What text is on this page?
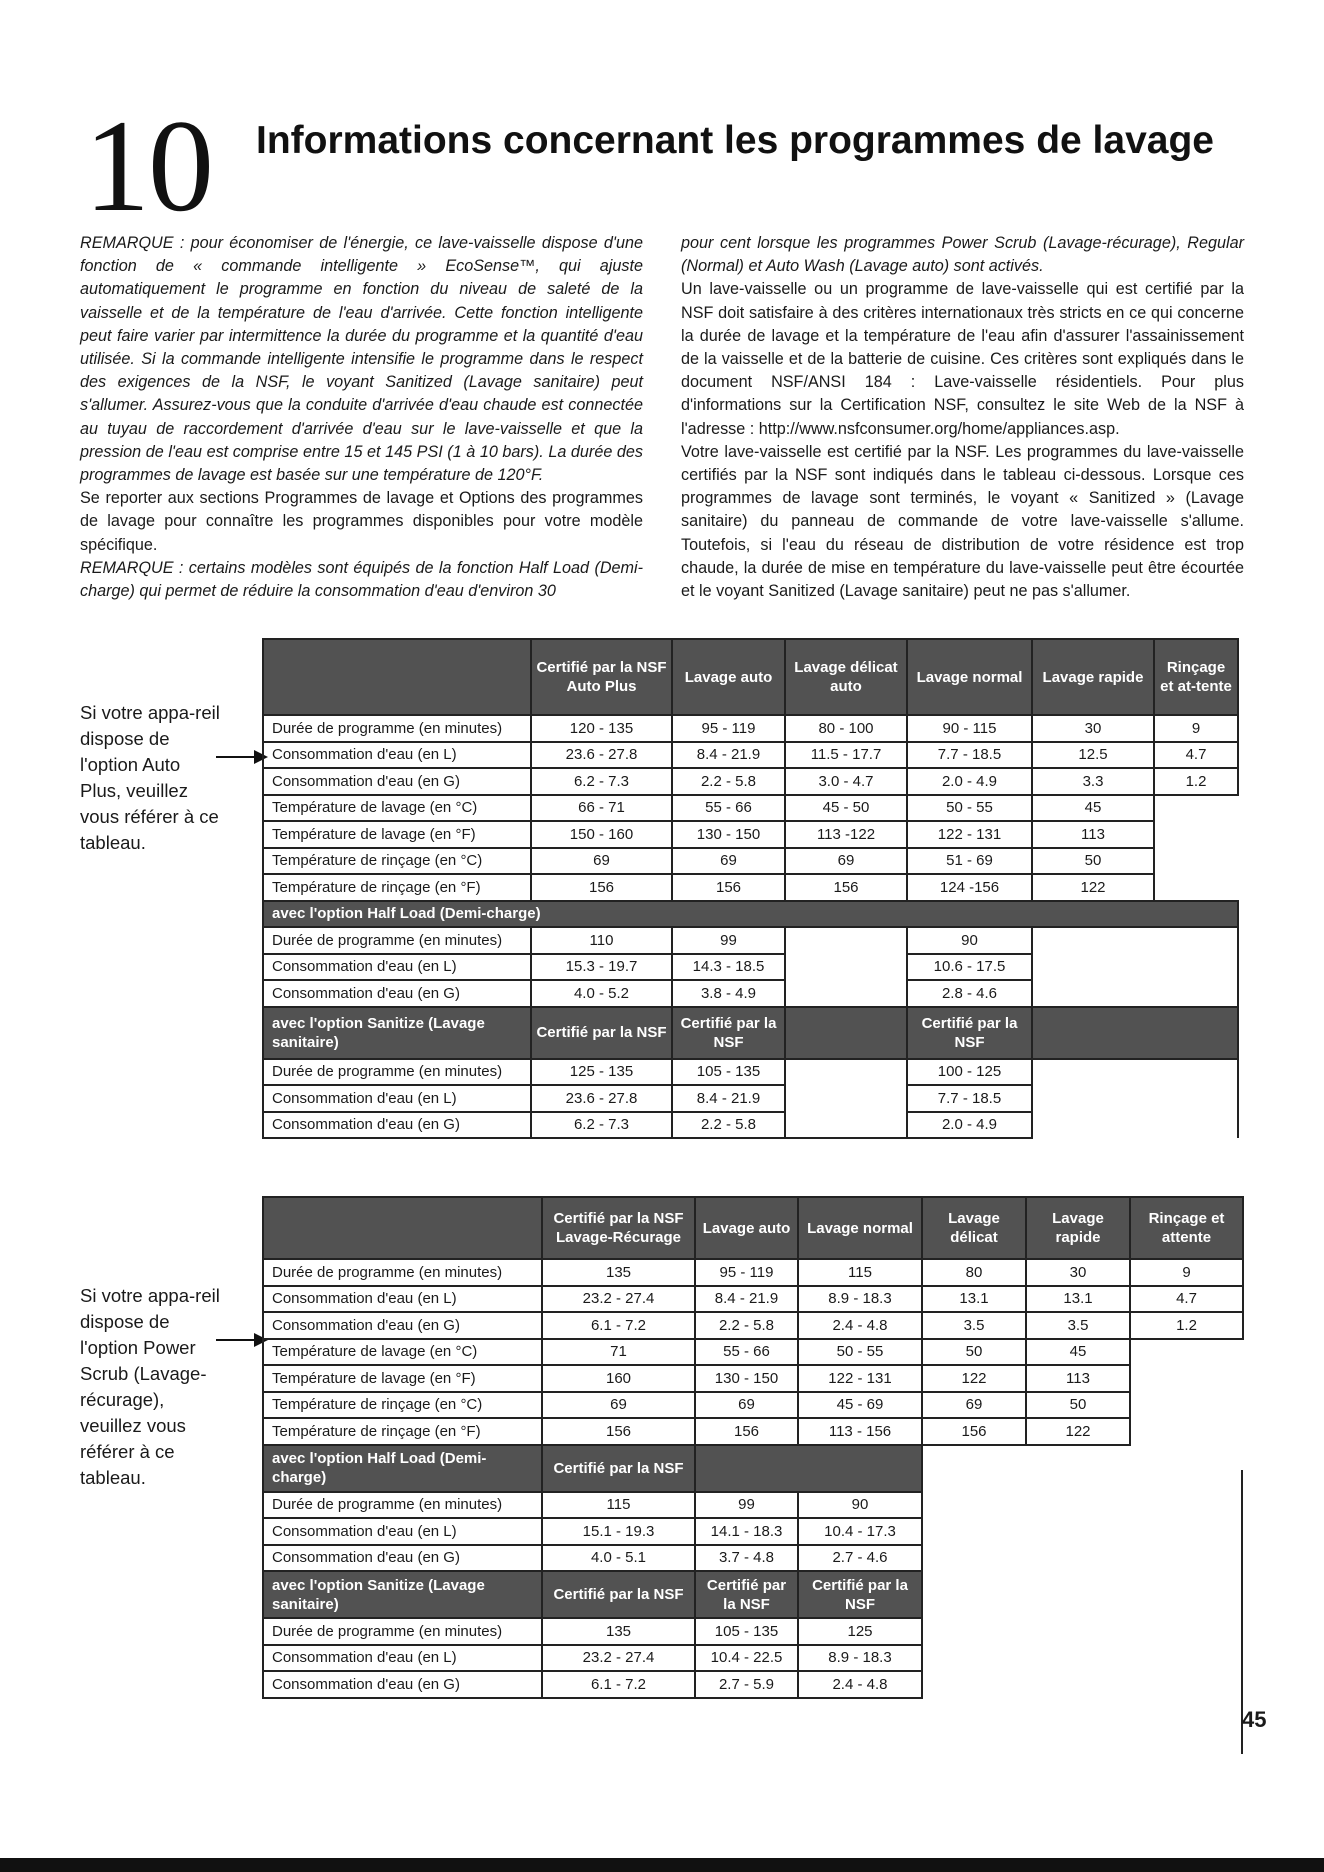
10 Informations concernant les programmes de lavage

REMARQUE : pour économiser de l'énergie, ce lave-vaisselle dispose d'une fonction de « commande intelligente » EcoSense™, qui ajuste automatiquement le programme en fonction du niveau de saleté de la vaisselle et de la température de l'eau d'arrivée. Cette fonction intelligente peut faire varier par intermittence la durée du programme et la quantité d'eau utilisée. Si la commande intelligente intensifie le programme dans le respect des exigences de la NSF, le voyant Sanitized (Lavage sanitaire) peut s'allumer. Assurez-vous que la conduite d'arrivée d'eau chaude est connectée au tuyau de raccordement d'arrivée d'eau sur le lave-vaisselle et que la pression de l'eau est comprise entre 15 et 145 PSI (1 à 10 bars). La durée des programmes de lavage est basée sur une température de 120°F.

Se reporter aux sections Programmes de lavage et Options des programmes de lavage pour connaître les programmes disponibles pour votre modèle spécifique.

REMARQUE : certains modèles sont équipés de la fonction Half Load (Demi-charge) qui permet de réduire la consommation d'eau d'environ 30

pour cent lorsque les programmes Power Scrub (Lavage-récurage), Regular (Normal) et Auto Wash (Lavage auto) sont activés.

Un lave-vaisselle ou un programme de lave-vaisselle qui est certifié par la NSF doit satisfaire à des critères internationaux très stricts en ce qui concerne la durée de lavage et la température de l'eau afin d'assurer l'assainissement de la vaisselle et de la batterie de cuisine. Ces critères sont expliqués dans le document NSF/ANSI 184 : Lave-vaisselle résidentiels. Pour plus d'informations sur la Certification NSF, consultez le site Web de la NSF à l'adresse : http://www.nsfconsumer.org/home/appliances.asp.

Votre lave-vaisselle est certifié par la NSF. Les programmes du lave-vaisselle certifiés par la NSF sont indiqués dans le tableau ci-dessous. Lorsque ces programmes de lavage sont terminés, le voyant « Sanitized » (Lavage sanitaire) du panneau de commande de votre lave-vaisselle s'allume. Toutefois, si l'eau du réseau de distribution de votre résidence est trop chaude, la durée de mise en température du lave-vaisselle peut être écourtée et le voyant Sanitized (Lavage sanitaire) peut ne pas s'allumer.

Si votre appa-reil dispose de l'option Auto Plus, veuillez vous référer à ce tableau.
Si votre appa-reil dispose de l'option Power Scrub (Lavage-récurage), veuillez vous référer à ce tableau.
	Certifié par la NSF Auto Plus	Lavage auto	Lavage délicat auto	Lavage normal	Lavage rapide	Rinçage et at-tente
Durée de programme (en minutes)	120 - 135	95 - 119	80 - 100	90 - 115	30	9
Consommation d'eau (en L)	23.6 - 27.8	8.4 - 21.9	11.5 - 17.7	7.7 - 18.5	12.5	4.7
Consommation d'eau (en G)	6.2 - 7.3	2.2 - 5.8	3.0 - 4.7	2.0 - 4.9	3.3	1.2
Température de lavage (en °C)	66 - 71	55 - 66	45 - 50	50 - 55	45	
Température de lavage (en °F)	150 - 160	130 - 150	113 -122	122 - 131	113	
Température de rinçage (en °C)	69	69	69	51 - 69	50	
Température de rinçage (en °F)	156	156	156	124 -156	122	
avec l'option Half Load (Demi-charge)						
Durée de programme (en minutes)	110	99		90		
Consommation d'eau (en L)	15.3 - 19.7	14.3 - 18.5		10.6 - 17.5		
Consommation d'eau (en G)	4.0 - 5.2	3.8 - 4.9		2.8 - 4.6		
avec l'option Sanitize (Lavage sanitaire)	Certifié par la NSF	Certifié par la NSF		Certifié par la NSF		
Durée de programme (en minutes)	125 - 135	105 - 135		100 - 125		
Consommation d'eau (en L)	23.6 - 27.8	8.4 - 21.9		7.7 - 18.5		
Consommation d'eau (en G)	6.2 - 7.3	2.2 - 5.8		2.0 - 4.9		
	Certifié par la NSF Lavage-Récurage	Lavage auto	Lavage normal	Lavage délicat	Lavage rapide	Rinçage et attente
Durée de programme (en minutes)	135	95 - 119	115	80	30	9
Consommation d'eau (en L)	23.2 - 27.4	8.4 - 21.9	8.9 - 18.3	13.1	13.1	4.7
Consommation d'eau (en G)	6.1 - 7.2	2.2 - 5.8	2.4 - 4.8	3.5	3.5	1.2
Température de lavage (en °C)	71	55 - 66	50 - 55	50	45	
Température de lavage (en °F)	160	130 - 150	122 - 131	122	113	
Température de rinçage (en °C)	69	69	45 - 69	69	50	
Température de rinçage (en °F)	156	156	113 - 156	156	122	
avec l'option Half Load (Demi-charge)	Certifié par la NSF					
Durée de programme (en minutes)	115	99	90			
Consommation d'eau (en L)	15.1 - 19.3	14.1 - 18.3	10.4 - 17.3			
Consommation d'eau (en G)	4.0 - 5.1	3.7 - 4.8	2.7 - 4.6			
avec l'option Sanitize (Lavage sanitaire)	Certifié par la NSF	Certifié par la NSF	Certifié par la NSF			
Durée de programme (en minutes)	135	105 - 135	125			
Consommation d'eau (en L)	23.2 - 27.4	10.4 - 22.5	8.9 - 18.3			
Consommation d'eau (en G)	6.1 - 7.2	2.7 - 5.9	2.4 - 4.8			
45
